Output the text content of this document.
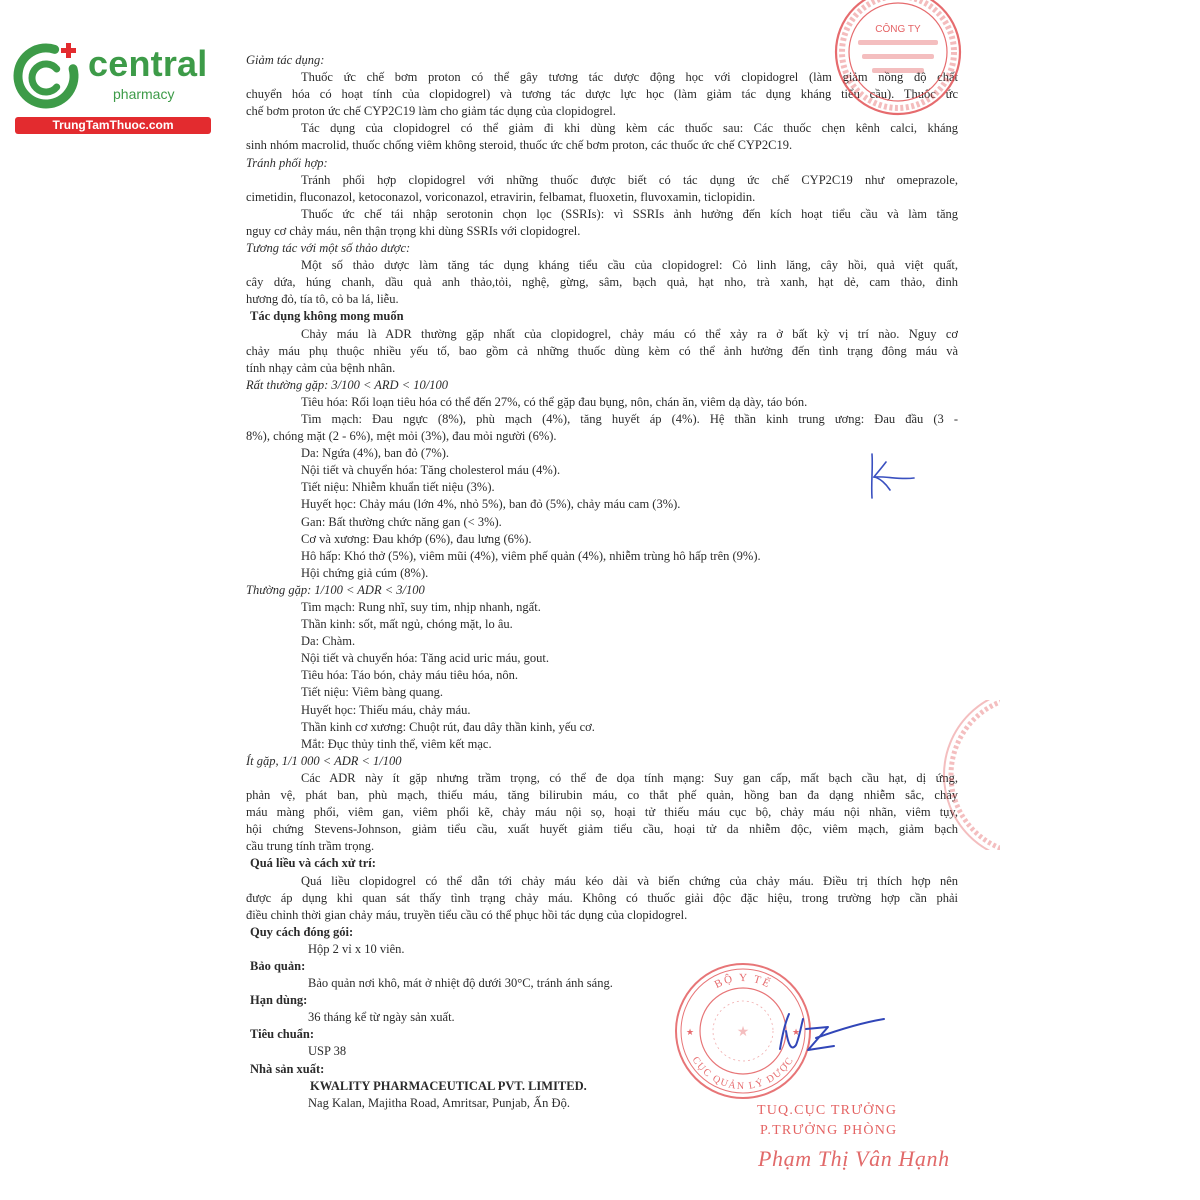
central
pharmacy
TrungTamThuoc.com
Giảm tác dụng:
Thuốc ức chế bơm proton có thể gây tương tác dược động học với clopidogrel (làm giảm nồng độ chất
chuyển hóa có hoạt tính của clopidogrel) và tương tác dược lực học (làm giảm tác dụng kháng tiểu cầu). Thuốc ức
chế bơm proton ức chế CYP2C19 làm cho giảm tác dụng của clopidogrel.
Tác dụng của clopidogrel có thể giảm đi khi dùng kèm các thuốc sau: Các thuốc chẹn kênh calci, kháng
sinh nhóm macrolid, thuốc chống viêm không steroid, thuốc ức chế bơm proton, các thuốc ức chế CYP2C19.
Tránh phối hợp:
Tránh phối hợp clopidogrel với những thuốc được biết có tác dụng ức chế CYP2C19 như omeprazole,
cimetidin, fluconazol, ketoconazol, voriconazol, etravirin, felbamat, fluoxetin, fluvoxamin, ticlopidin.
Thuốc ức chế tái nhập serotonin chọn lọc (SSRIs): vì SSRIs ảnh hưởng đến kích hoạt tiểu cầu và làm tăng
nguy cơ chảy máu, nên thận trọng khi dùng SSRIs với clopidogrel.
Tương tác với một số thảo dược:
Một số thảo dược làm tăng tác dụng kháng tiểu cầu của clopidogrel: Cỏ linh lăng, cây hồi, quả việt quất,
cây dứa, húng chanh, dầu quả anh thảo,tỏi, nghệ, gừng, sâm, bạch quả, hạt nho, trà xanh, hạt dẻ, cam thảo, đinh
hương đỏ, tía tô, cỏ ba lá, liễu.
Tác dụng không mong muốn
Chảy máu là ADR thường gặp nhất của clopidogrel, chảy máu có thể xảy ra ở bất kỳ vị trí nào. Nguy cơ
chảy máu phụ thuộc nhiều yếu tố, bao gồm cả những thuốc dùng kèm có thể ảnh hưởng đến tình trạng đông máu và
tính nhạy cảm của bệnh nhân.
Rất thường gặp: 3/100 < ARD < 10/100
Tiêu hóa: Rối loạn tiêu hóa có thể đến 27%, có thể gặp đau bụng, nôn, chán ăn, viêm dạ dày, táo bón.
Tim mạch: Đau ngực (8%), phù mạch (4%), tăng huyết áp (4%). Hệ thần kinh trung ương: Đau đầu (3 -
8%), chóng mặt (2 - 6%), mệt mỏi (3%), đau mỏi người (6%).
Da: Ngứa (4%), ban đỏ (7%).
Nội tiết và chuyển hóa: Tăng cholesterol máu (4%).
Tiết niệu: Nhiễm khuẩn tiết niệu (3%).
Huyết học: Chảy máu (lớn 4%, nhỏ 5%), ban đỏ (5%), chảy máu cam (3%).
Gan: Bất thường chức năng gan (< 3%).
Cơ và xương: Đau khớp (6%), đau lưng (6%).
Hô hấp: Khó thở (5%), viêm mũi (4%), viêm phế quản (4%), nhiễm trùng hô hấp trên (9%).
Hội chứng giả cúm (8%).
Thường gặp: 1/100 < ADR < 3/100
Tim mạch: Rung nhĩ, suy tim, nhịp nhanh, ngất.
Thần kinh: sốt, mất ngủ, chóng mặt, lo âu.
Da: Chàm.
Nội tiết và chuyển hóa: Tăng acid uric máu, gout.
Tiêu hóa: Táo bón, chảy máu tiêu hóa, nôn.
Tiết niệu: Viêm bàng quang.
Huyết học: Thiếu máu, chảy máu.
Thần kinh cơ xương: Chuột rút, đau dây thần kinh, yếu cơ.
Mắt: Đục thủy tinh thể, viêm kết mạc.
Ít gặp, 1/1 000 < ADR < 1/100
Các ADR này ít gặp nhưng trầm trọng, có thể đe dọa tính mạng: Suy gan cấp, mất bạch cầu hạt, dị ứng,
phản vệ, phát ban, phù mạch, thiếu máu, tăng bilirubin máu, co thắt phế quản, hồng ban đa dạng nhiễm sắc, chảy
máu màng phổi, viêm gan, viêm phổi kẽ, chảy máu nội sọ, hoại tử thiếu máu cục bộ, chảy máu nội nhãn, viêm tụy,
hội chứng Stevens-Johnson, giảm tiểu cầu, xuất huyết giảm tiểu cầu, hoại tử da nhiễm độc, viêm mạch, giảm bạch
cầu trung tính trầm trọng.
Quá liều và cách xử trí:
Quá liều clopidogrel có thể dẫn tới chảy máu kéo dài và biến chứng của chảy máu. Điều trị thích hợp nên
được áp dụng khi quan sát thấy tình trạng chảy máu. Không có thuốc giải độc đặc hiệu, trong trường hợp cần phải
điều chỉnh thời gian chảy máu, truyền tiểu cầu có thể phục hồi tác dụng của clopidogrel.
Quy cách đóng gói:
Hộp 2 vỉ x 10 viên.
Bảo quản:
Bảo quản nơi khô, mát ở nhiệt độ dưới 30°C, tránh ánh sáng.
Hạn dùng:
36 tháng kể từ ngày sản xuất.
Tiêu chuẩn:
USP 38
Nhà sản xuất:
KWALITY PHARMACEUTICAL PVT. LIMITED.
Nag Kalan, Majitha Road, Amritsar, Punjab, Ấn Độ.
CÔNG TY
BỘ Y TẾ
CỤC QUẢN LÝ DƯỢC
★	★
★
TUQ.CỤC TRƯỞNG
P.TRƯỞNG PHÒNG
Phạm Thị Vân Hạnh
